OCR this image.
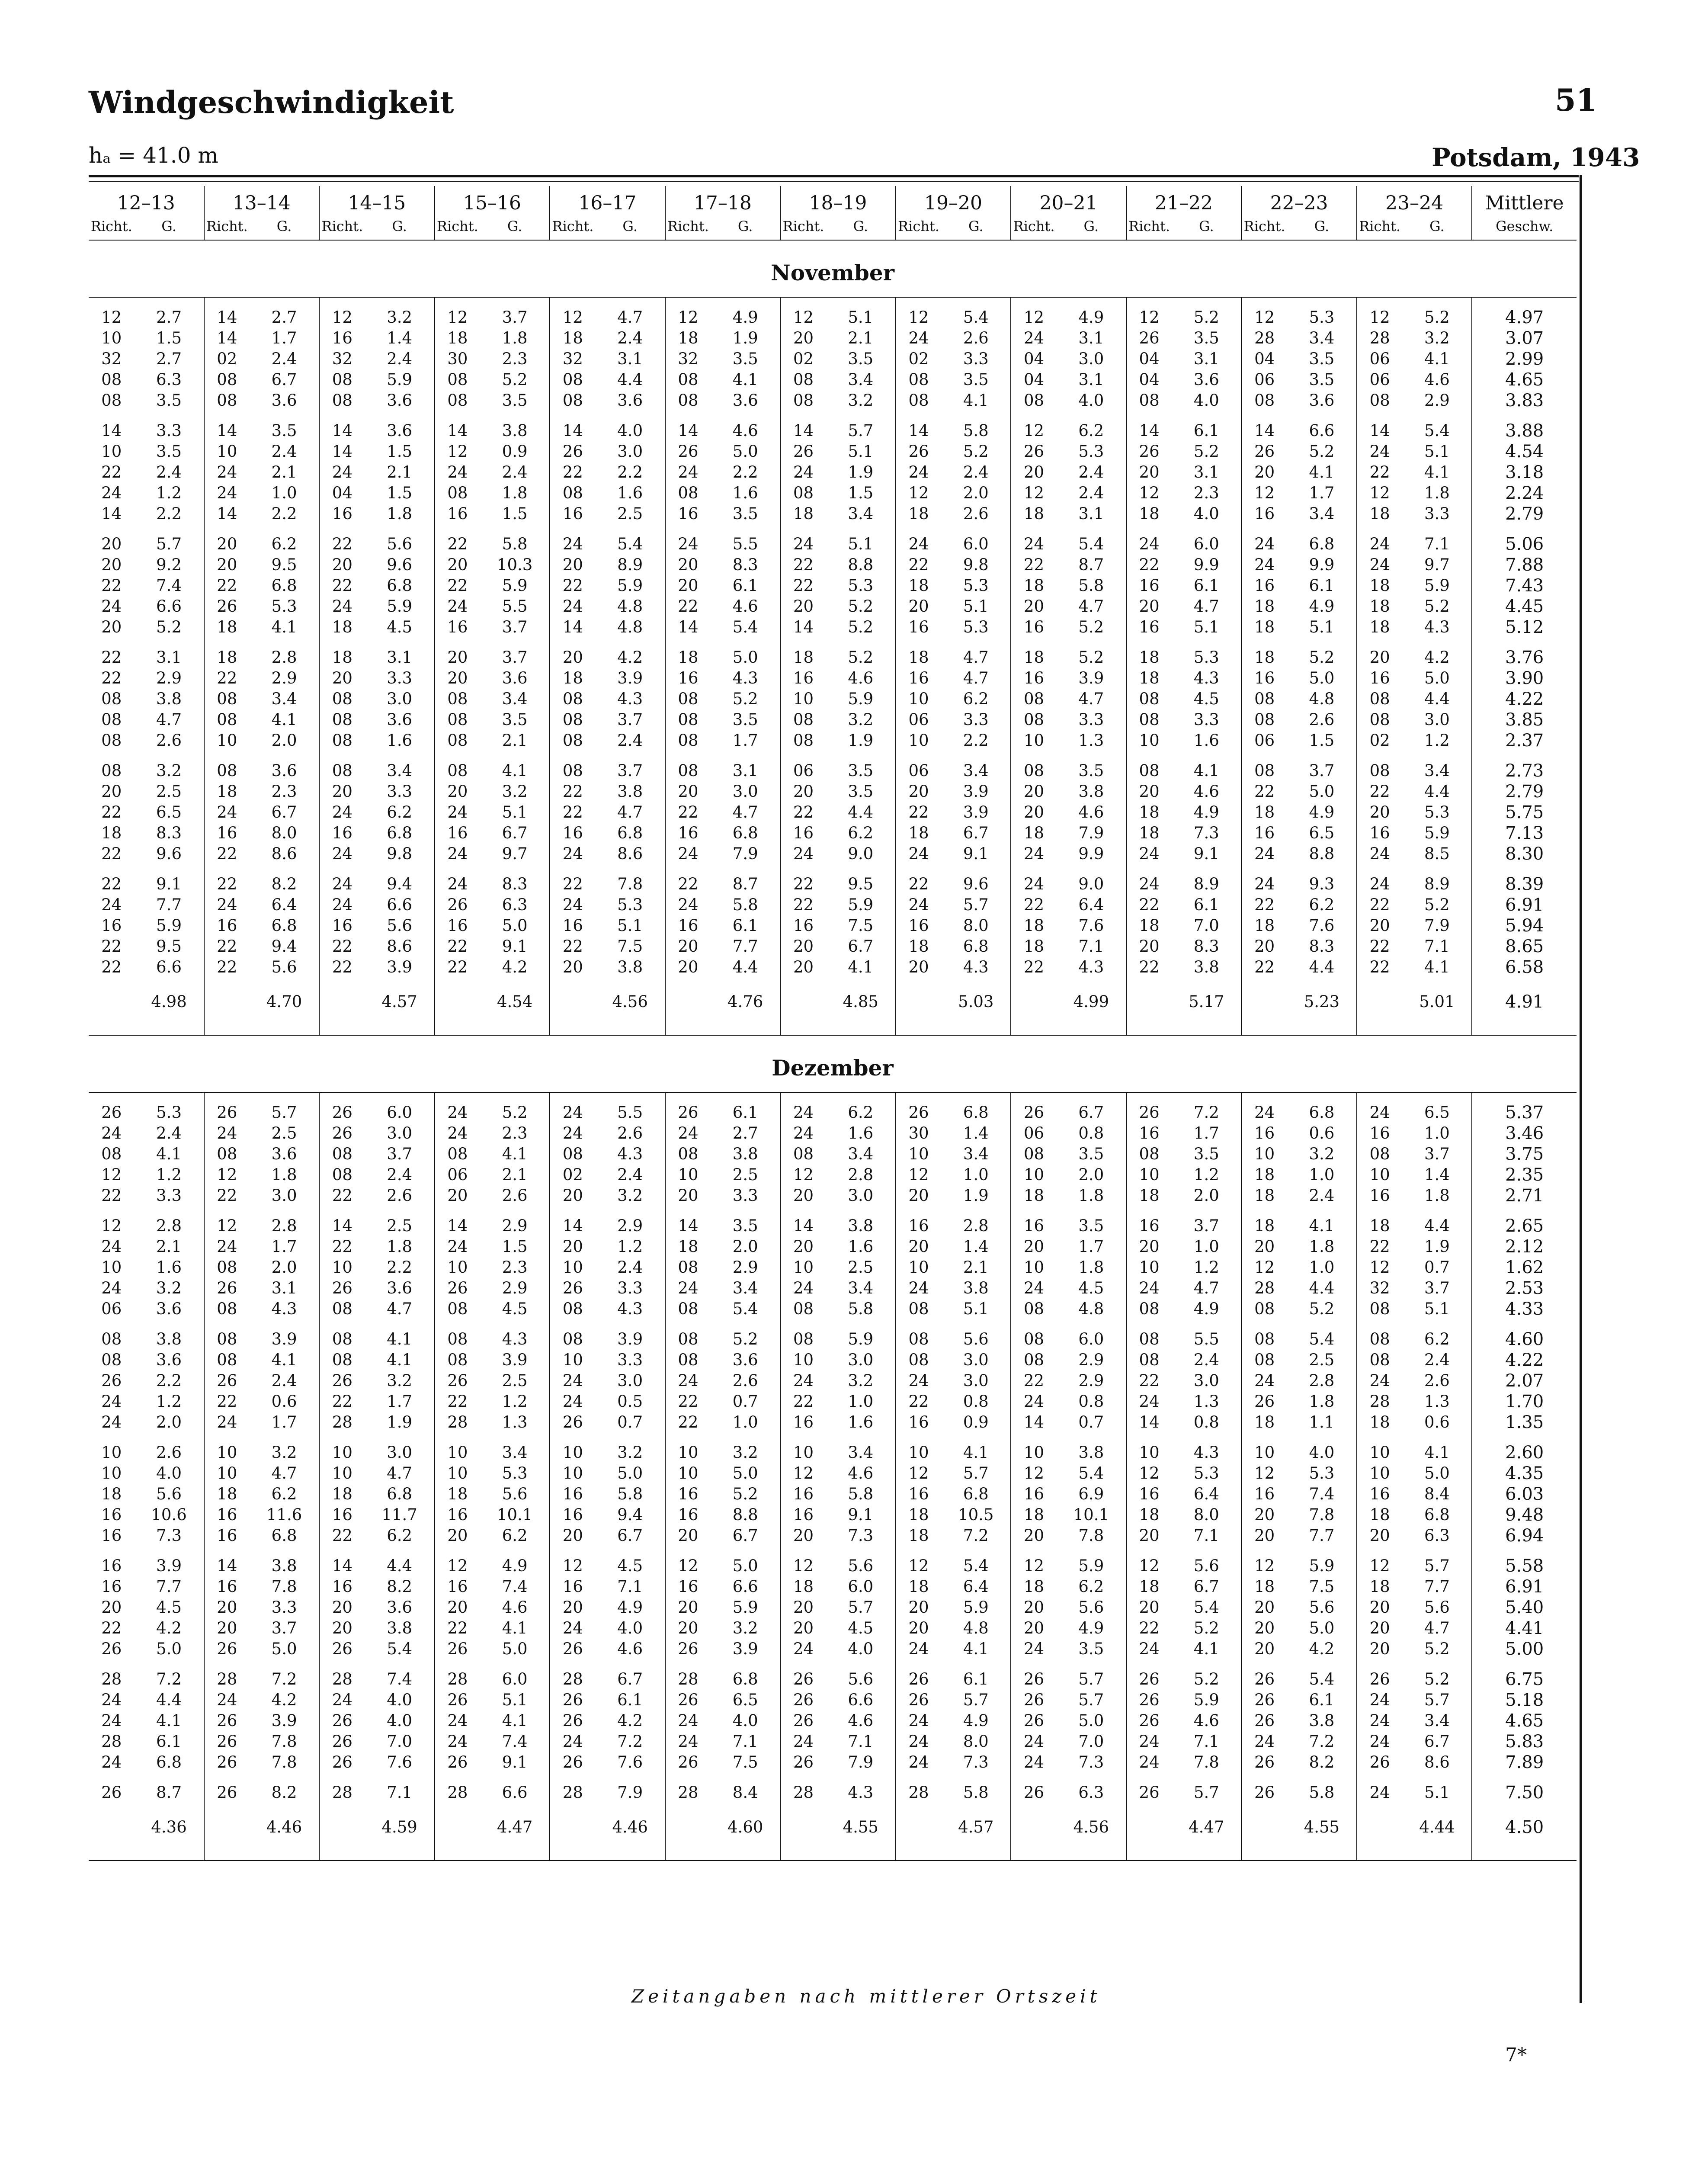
Windgeschwindigkeit	51
hₐ = 41.0 m	Potsdam, 1943
12–13		13–14		14–15		15–16		16–17		17–18		18–19		19–20		20–21		21–22		22–23		23–24		Mittlere
Richt.	G.	Richt.	G.	Richt.	G.	Richt.	G.	Richt.	G.	Richt.	G.	Richt.	G.	Richt.	G.	Richt.	G.	Richt.	G.	Richt.	G.	Richt.	G.	Geschw.
November																								

12	2.7	14	2.7	12	3.2	12	3.7	12	4.7	12	4.9	12	5.1	12	5.4	12	4.9	12	5.2	12	5.3	12	5.2	4.97
10	1.5	14	1.7	16	1.4	18	1.8	18	2.4	18	1.9	20	2.1	24	2.6	24	3.1	26	3.5	28	3.4	28	3.2	3.07
32	2.7	02	2.4	32	2.4	30	2.3	32	3.1	32	3.5	02	3.5	02	3.3	04	3.0	04	3.1	04	3.5	06	4.1	2.99
08	6.3	08	6.7	08	5.9	08	5.2	08	4.4	08	4.1	08	3.4	08	3.5	04	3.1	04	3.6	06	3.5	06	4.6	4.65
08	3.5	08	3.6	08	3.6	08	3.5	08	3.6	08	3.6	08	3.2	08	4.1	08	4.0	08	4.0	08	3.6	08	2.9	3.83

14	3.3	14	3.5	14	3.6	14	3.8	14	4.0	14	4.6	14	5.7	14	5.8	12	6.2	14	6.1	14	6.6	14	5.4	3.88
10	3.5	10	2.4	14	1.5	12	0.9	26	3.0	26	5.0	26	5.1	26	5.2	26	5.3	26	5.2	26	5.2	24	5.1	4.54
22	2.4	24	2.1	24	2.1	24	2.4	22	2.2	24	2.2	24	1.9	24	2.4	20	2.4	20	3.1	20	4.1	22	4.1	3.18
24	1.2	24	1.0	04	1.5	08	1.8	08	1.6	08	1.6	08	1.5	12	2.0	12	2.4	12	2.3	12	1.7	12	1.8	2.24
14	2.2	14	2.2	16	1.8	16	1.5	16	2.5	16	3.5	18	3.4	18	2.6	18	3.1	18	4.0	16	3.4	18	3.3	2.79

20	5.7	20	6.2	22	5.6	22	5.8	24	5.4	24	5.5	24	5.1	24	6.0	24	5.4	24	6.0	24	6.8	24	7.1	5.06
20	9.2	20	9.5	20	9.6	20	10.3	20	8.9	20	8.3	22	8.8	22	9.8	22	8.7	22	9.9	24	9.9	24	9.7	7.88
22	7.4	22	6.8	22	6.8	22	5.9	22	5.9	20	6.1	22	5.3	18	5.3	18	5.8	16	6.1	16	6.1	18	5.9	7.43
24	6.6	26	5.3	24	5.9	24	5.5	24	4.8	22	4.6	20	5.2	20	5.1	20	4.7	20	4.7	18	4.9	18	5.2	4.45
20	5.2	18	4.1	18	4.5	16	3.7	14	4.8	14	5.4	14	5.2	16	5.3	16	5.2	16	5.1	18	5.1	18	4.3	5.12

22	3.1	18	2.8	18	3.1	20	3.7	20	4.2	18	5.0	18	5.2	18	4.7	18	5.2	18	5.3	18	5.2	20	4.2	3.76
22	2.9	22	2.9	20	3.3	20	3.6	18	3.9	16	4.3	16	4.6	16	4.7	16	3.9	18	4.3	16	5.0	16	5.0	3.90
08	3.8	08	3.4	08	3.0	08	3.4	08	4.3	08	5.2	10	5.9	10	6.2	08	4.7	08	4.5	08	4.8	08	4.4	4.22
08	4.7	08	4.1	08	3.6	08	3.5	08	3.7	08	3.5	08	3.2	06	3.3	08	3.3	08	3.3	08	2.6	08	3.0	3.85
08	2.6	10	2.0	08	1.6	08	2.1	08	2.4	08	1.7	08	1.9	10	2.2	10	1.3	10	1.6	06	1.5	02	1.2	2.37

08	3.2	08	3.6	08	3.4	08	4.1	08	3.7	08	3.1	06	3.5	06	3.4	08	3.5	08	4.1	08	3.7	08	3.4	2.73
20	2.5	18	2.3	20	3.3	20	3.2	22	3.8	20	3.0	20	3.5	20	3.9	20	3.8	20	4.6	22	5.0	22	4.4	2.79
22	6.5	24	6.7	24	6.2	24	5.1	22	4.7	22	4.7	22	4.4	22	3.9	20	4.6	18	4.9	18	4.9	20	5.3	5.75
18	8.3	16	8.0	16	6.8	16	6.7	16	6.8	16	6.8	16	6.2	18	6.7	18	7.9	18	7.3	16	6.5	16	5.9	7.13
22	9.6	22	8.6	24	9.8	24	9.7	24	8.6	24	7.9	24	9.0	24	9.1	24	9.9	24	9.1	24	8.8	24	8.5	8.30

22	9.1	22	8.2	24	9.4	24	8.3	22	7.8	22	8.7	22	9.5	22	9.6	24	9.0	24	8.9	24	9.3	24	8.9	8.39
24	7.7	24	6.4	24	6.6	26	6.3	24	5.3	24	5.8	22	5.9	24	5.7	22	6.4	22	6.1	22	6.2	22	5.2	6.91
16	5.9	16	6.8	16	5.6	16	5.0	16	5.1	16	6.1	16	7.5	16	8.0	18	7.6	18	7.0	18	7.6	20	7.9	5.94
22	9.5	22	9.4	22	8.6	22	9.1	22	7.5	20	7.7	20	6.7	18	6.8	18	7.1	20	8.3	20	8.3	22	7.1	8.65
22	6.6	22	5.6	22	3.9	22	4.2	20	3.8	20	4.4	20	4.1	20	4.3	22	4.3	22	3.8	22	4.4	22	4.1	6.58
	4.98		4.70		4.57		4.54		4.56		4.76		4.85		5.03		4.99		5.17		5.23		5.01	4.91

Dezember																								

26	5.3	26	5.7	26	6.0	24	5.2	24	5.5	26	6.1	24	6.2	26	6.8	26	6.7	26	7.2	24	6.8	24	6.5	5.37
24	2.4	24	2.5	26	3.0	24	2.3	24	2.6	24	2.7	24	1.6	30	1.4	06	0.8	16	1.7	16	0.6	16	1.0	3.46
08	4.1	08	3.6	08	3.7	08	4.1	08	4.3	08	3.8	08	3.4	10	3.4	08	3.5	08	3.5	10	3.2	08	3.7	3.75
12	1.2	12	1.8	08	2.4	06	2.1	02	2.4	10	2.5	12	2.8	12	1.0	10	2.0	10	1.2	18	1.0	10	1.4	2.35
22	3.3	22	3.0	22	2.6	20	2.6	20	3.2	20	3.3	20	3.0	20	1.9	18	1.8	18	2.0	18	2.4	16	1.8	2.71

12	2.8	12	2.8	14	2.5	14	2.9	14	2.9	14	3.5	14	3.8	16	2.8	16	3.5	16	3.7	18	4.1	18	4.4	2.65
24	2.1	24	1.7	22	1.8	24	1.5	20	1.2	18	2.0	20	1.6	20	1.4	20	1.7	20	1.0	20	1.8	22	1.9	2.12
10	1.6	08	2.0	10	2.2	10	2.3	10	2.4	08	2.9	10	2.5	10	2.1	10	1.8	10	1.2	12	1.0	12	0.7	1.62
24	3.2	26	3.1	26	3.6	26	2.9	26	3.3	24	3.4	24	3.4	24	3.8	24	4.5	24	4.7	28	4.4	32	3.7	2.53
06	3.6	08	4.3	08	4.7	08	4.5	08	4.3	08	5.4	08	5.8	08	5.1	08	4.8	08	4.9	08	5.2	08	5.1	4.33

08	3.8	08	3.9	08	4.1	08	4.3	08	3.9	08	5.2	08	5.9	08	5.6	08	6.0	08	5.5	08	5.4	08	6.2	4.60
08	3.6	08	4.1	08	4.1	08	3.9	10	3.3	08	3.6	10	3.0	08	3.0	08	2.9	08	2.4	08	2.5	08	2.4	4.22
26	2.2	26	2.4	26	3.2	26	2.5	24	3.0	24	2.6	24	3.2	24	3.0	22	2.9	22	3.0	24	2.8	24	2.6	2.07
24	1.2	22	0.6	22	1.7	22	1.2	24	0.5	22	0.7	22	1.0	22	0.8	24	0.8	24	1.3	26	1.8	28	1.3	1.70
24	2.0	24	1.7	28	1.9	28	1.3	26	0.7	22	1.0	16	1.6	16	0.9	14	0.7	14	0.8	18	1.1	18	0.6	1.35

10	2.6	10	3.2	10	3.0	10	3.4	10	3.2	10	3.2	10	3.4	10	4.1	10	3.8	10	4.3	10	4.0	10	4.1	2.60
10	4.0	10	4.7	10	4.7	10	5.3	10	5.0	10	5.0	12	4.6	12	5.7	12	5.4	12	5.3	12	5.3	10	5.0	4.35
18	5.6	18	6.2	18	6.8	18	5.6	16	5.8	16	5.2	16	5.8	16	6.8	16	6.9	16	6.4	16	7.4	16	8.4	6.03
16	10.6	16	11.6	16	11.7	16	10.1	16	9.4	16	8.8	16	9.1	18	10.5	18	10.1	18	8.0	20	7.8	18	6.8	9.48
16	7.3	16	6.8	22	6.2	20	6.2	20	6.7	20	6.7	20	7.3	18	7.2	20	7.8	20	7.1	20	7.7	20	6.3	6.94

16	3.9	14	3.8	14	4.4	12	4.9	12	4.5	12	5.0	12	5.6	12	5.4	12	5.9	12	5.6	12	5.9	12	5.7	5.58
16	7.7	16	7.8	16	8.2	16	7.4	16	7.1	16	6.6	18	6.0	18	6.4	18	6.2	18	6.7	18	7.5	18	7.7	6.91
20	4.5	20	3.3	20	3.6	20	4.6	20	4.9	20	5.9	20	5.7	20	5.9	20	5.6	20	5.4	20	5.6	20	5.6	5.40
22	4.2	20	3.7	20	3.8	22	4.1	24	4.0	20	3.2	20	4.5	20	4.8	20	4.9	22	5.2	20	5.0	20	4.7	4.41
26	5.0	26	5.0	26	5.4	26	5.0	26	4.6	26	3.9	24	4.0	24	4.1	24	3.5	24	4.1	20	4.2	20	5.2	5.00

28	7.2	28	7.2	28	7.4	28	6.0	28	6.7	28	6.8	26	5.6	26	6.1	26	5.7	26	5.2	26	5.4	26	5.2	6.75
24	4.4	24	4.2	24	4.0	26	5.1	26	6.1	26	6.5	26	6.6	26	5.7	26	5.7	26	5.9	26	6.1	24	5.7	5.18
24	4.1	26	3.9	26	4.0	24	4.1	26	4.2	24	4.0	26	4.6	24	4.9	26	5.0	26	4.6	26	3.8	24	3.4	4.65
28	6.1	26	7.8	26	7.0	24	7.4	24	7.2	24	7.1	24	7.1	24	8.0	24	7.0	24	7.1	24	7.2	24	6.7	5.83
24	6.8	26	7.8	26	7.6	26	9.1	26	7.6	26	7.5	26	7.9	24	7.3	24	7.3	24	7.8	26	8.2	26	8.6	7.89

26	8.7	26	8.2	28	7.1	28	6.6	28	7.9	28	8.4	28	4.3	28	5.8	26	6.3	26	5.7	26	5.8	24	5.1	7.50
	4.36		4.46		4.59		4.47		4.46		4.60		4.55		4.57		4.56		4.47		4.55		4.44	4.50

Zeitangaben nach mittlerer Ortszeit
7*
